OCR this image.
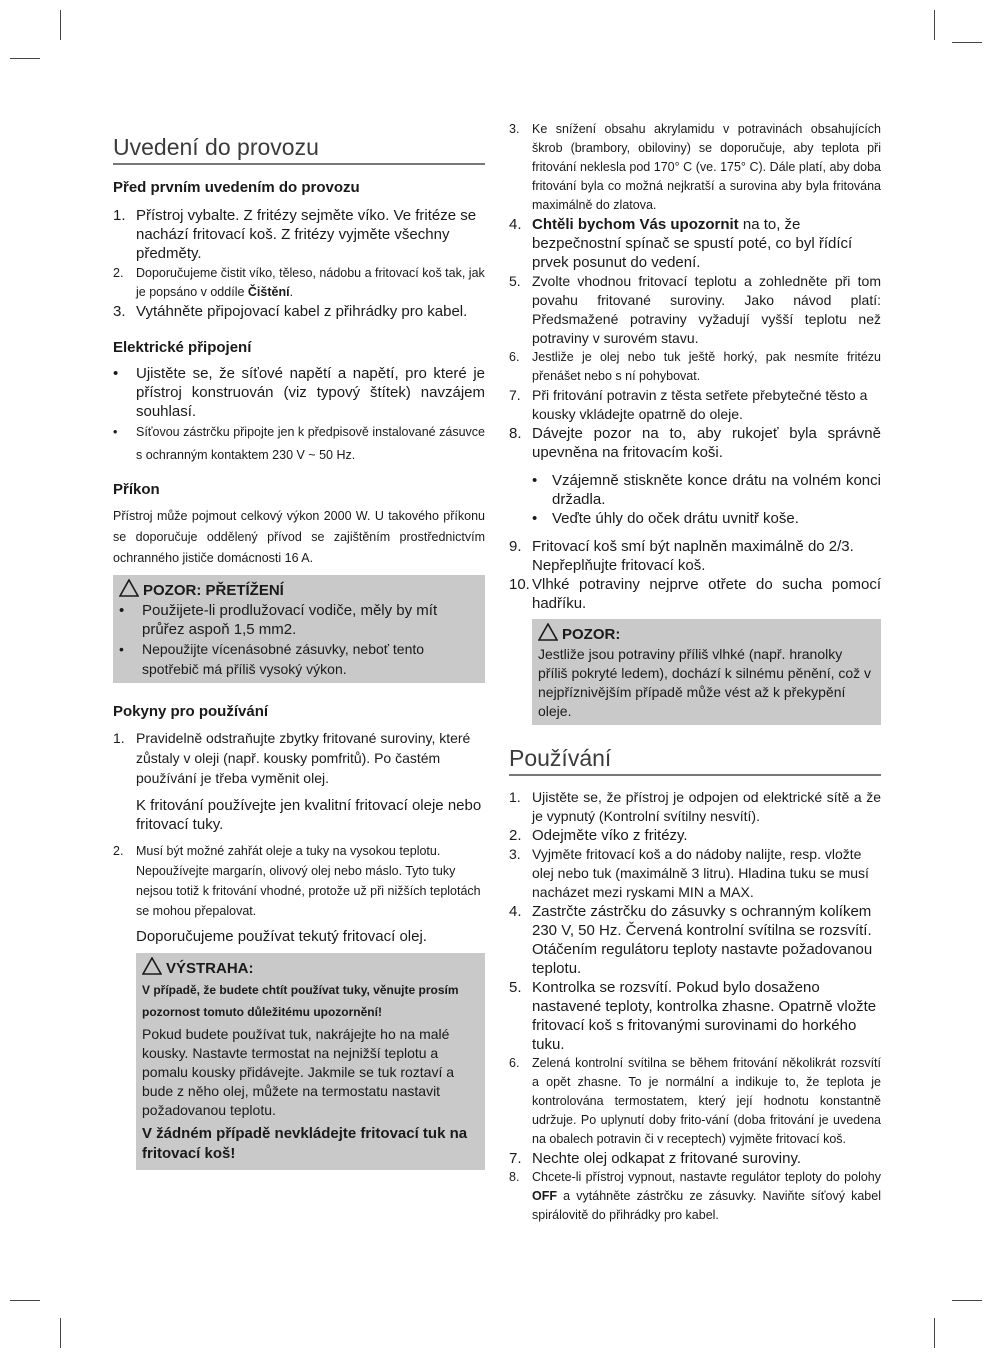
Uvedení do provozu
Před prvním uvedením do provozu
1. Přístroj vybalte. Z fritézy sejměte víko. Ve fritéze se nachází fritovací koš. Z fritézy vyjměte všechny předměty.
2. Doporučujeme čistit víko, těleso, nádobu a fritovací koš tak, jak je popsáno v oddíle Čištění.
3. Vytáhněte připojovací kabel z přihrádky pro kabel.
Elektrické připojení
• Ujistěte se, že síťové napětí a napětí, pro které je přístroj konstruován (viz typový štítek) navzájem souhlasí.
• Síťovou zástrčku připojte jen k předpisově instalované zásuvce s ochranným kontaktem 230 V ~ 50 Hz.
Příkon

Přístroj může pojmout celkový výkon 2000 W. U takového příkonu se doporučuje oddělený přívod se zajištěním prostřednictvím ochranného jističe domácnosti 16 A.

POZOR: PŘETÍŽENÍ
• Použijete-li prodlužovací vodiče, měly by mít průřez aspoň 1,5 mm2.
• Nepoužijte vícenásobné zásuvky, neboť tento spotřebič má příliš vysoký výkon.
Pokyny pro používání
1. Pravidelně odstraňujte zbytky fritované suroviny, které zůstaly v oleji (např. kousky pomfritů). Po častém používání je třeba vyměnit olej.

K fritování používejte jen kvalitní fritovací oleje nebo fritovací tuky.

2. Musí být možné zahřát oleje a tuky na vysokou teplotu. Nepoužívejte margarín, olivový olej nebo máslo. Tyto tuky nejsou totiž k fritování vhodné, protože už při nižších teplotách se mohou přepalovat.

Doporučujeme používat tekutý fritovací olej.

VÝSTRAHA:

V případě, že budete chtít používat tuky, věnujte prosím pozornost tomuto důležitému upozornění!

Pokud budete používat tuk, nakrájejte ho na malé kousky. Nastavte termostat na nejnižší teplotu a pomalu kousky přidávejte. Jakmile se tuk roztaví a bude z něho olej, můžete na termostatu nastavit požadovanou teplotu.

V žádném případě nevkládejte fritovací tuk na fritovací koš!

3. Ke snížení obsahu akrylamidu v potravinách obsahujících škrob (brambory, obiloviny) se doporučuje, aby teplota při fritování neklesla pod 170° C (ve. 175° C). Dále platí, aby doba fritování byla co možná nejkratší a surovina aby byla fritována maximálně do zlatova.
4. Chtěli bychom Vás upozornit na to, že bezpečnostní spínač se spustí poté, co byl řídící prvek posunut do vedení.
5. Zvolte vhodnou fritovací teplotu a zohledněte při tom povahu fritované suroviny. Jako návod platí: Předsmažené potraviny vyžadují vyšší teplotu než potraviny v surovém stavu.
6. Jestliže je olej nebo tuk ještě horký, pak nesmíte fritézu přenášet nebo s ní pohybovat.
7. Při fritování potravin z těsta setřete přebytečné těsto a kousky vkládejte opatrně do oleje.
8. Dávejte pozor na to, aby rukojeť byla správně upevněna na fritovacím koši.
• Vzájemně stiskněte konce drátu na volném konci držadla.
• Veďte úhly do oček drátu uvnitř koše.
9. Fritovací koš smí být naplněn maximálně do 2/3. Nepřeplňujte fritovací koš.
10. Vlhké potraviny nejprve otřete do sucha pomocí hadříku.
POZOR:

Jestliže jsou potraviny příliš vlhké (např. hranolky příliš pokryté ledem), dochází k silnému pěnění, což v nejpříznivějším případě může vést až k překypění oleje.

Používání
1. Ujistěte se, že přístroj je odpojen od elektrické sítě a že je vypnutý (Kontrolní svítilny nesvítí).
2. Odejměte víko z fritézy.
3. Vyjměte fritovací koš a do nádoby nalijte, resp. vložte olej nebo tuk (maximálně 3 litru). Hladina tuku se musí nacházet mezi ryskami MIN a MAX.
4. Zastrčte zástrčku do zásuvky s ochranným kolíkem 230 V, 50 Hz. Červená kontrolní svítilna se rozsvítí. Otáčením regulátoru teploty nastavte požadovanou teplotu.
5. Kontrolka se rozsvítí. Pokud bylo dosaženo nastavené teploty, kontrolka zhasne. Opatrně vložte fritovací koš s fritovanými surovinami do horkého tuku.
6. Zelená kontrolní svítilna se během fritování několikrát rozsvítí a opět zhasne. To je normální a indikuje to, že teplota je kontrolována termostatem, který její hodnotu konstantně udržuje. Po uplynutí doby frito-vání (doba fritování je uvedena na obalech potravin či v receptech) vyjměte fritovací koš.
7. Nechte olej odkapat z fritované suroviny.
8. Chcete-li přístroj vypnout, nastavte regulátor teploty do polohy OFF a vytáhněte zástrčku ze zásuvky. Naviňte síťový kabel spirálovitě do přihrádky pro kabel.
